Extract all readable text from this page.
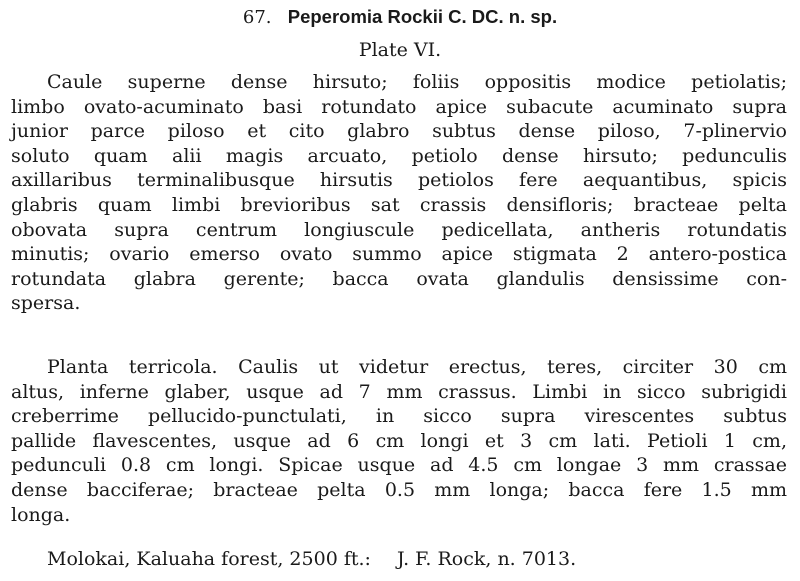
67. Peperomia Rockii C. DC. n. sp.
Plate VI.
Caule superne dense hirsuto; foliis oppositis modice petiolatis;
limbo ovato-acuminato basi rotundato apice subacute acuminato supra
junior parce piloso et cito glabro subtus dense piloso, 7-plinervio
soluto quam alii magis arcuato, petiolo dense hirsuto; pedunculis
axillaribus terminalibusque hirsutis petiolos fere aequantibus, spicis
glabris quam limbi brevioribus sat crassis densifloris; bracteae pelta
obovata supra centrum longiuscule pedicellata, antheris rotundatis
minutis; ovario emerso ovato summo apice stigmata 2 antero-postica
rotundata glabra gerente; bacca ovata glandulis densissime con-
spersa.
Planta terricola. Caulis ut videtur erectus, teres, circiter 30 cm
altus, inferne glaber, usque ad 7 mm crassus. Limbi in sicco subrigidi
creberrime pellucido-punctulati, in sicco supra virescentes subtus
pallide flavescentes, usque ad 6 cm longi et 3 cm lati. Petioli 1 cm,
pedunculi 0.8 cm longi. Spicae usque ad 4.5 cm longae 3 mm crassae
dense bacciferae; bracteae pelta 0.5 mm longa; bacca fere 1.5 mm
longa.
Molokai, Kaluaha forest, 2500 ft.: J. F. Rock, n. 7013.
